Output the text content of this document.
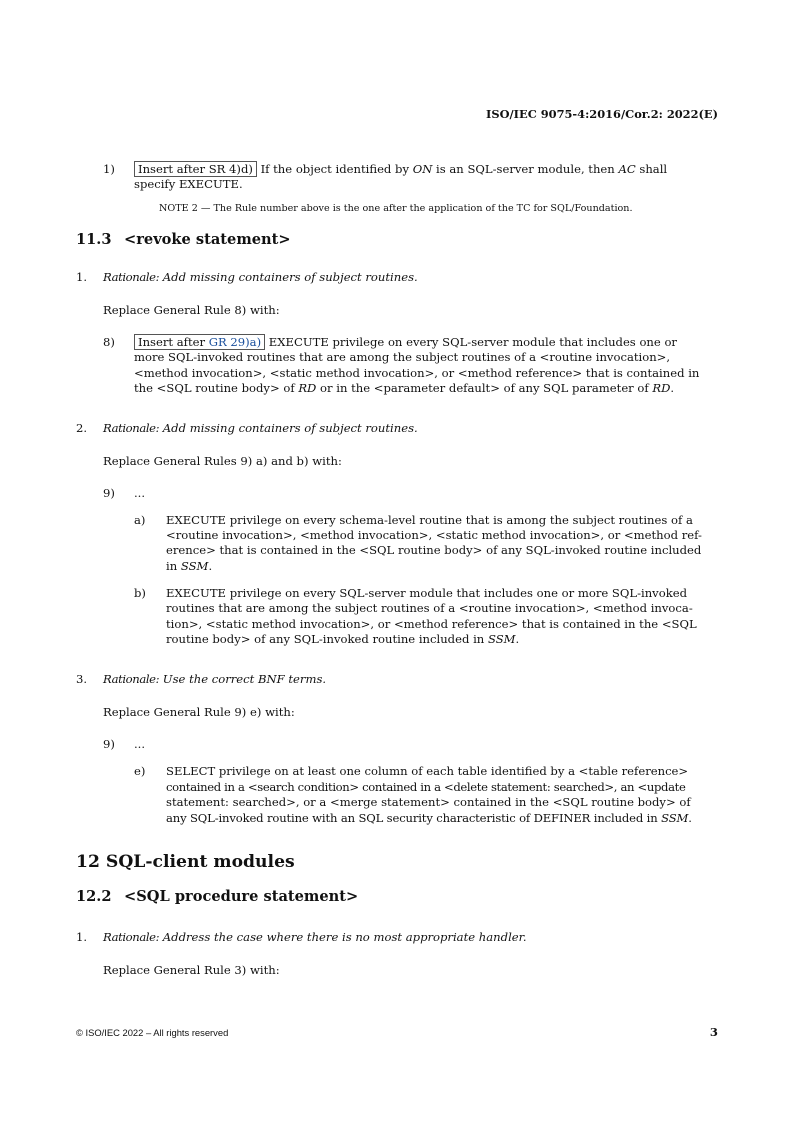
ISO/IEC 9075-4:2016/Cor.2: 2022(E)
1)	Insert after SR 4)d) If the object identified by ON is an SQL-server module, then AC shall
specify EXECUTE.
NOTE 2 — The Rule number above is the one after the application of the TC for SQL/Foundation.
11.3 <revoke statement>
1. Rationale: Add missing containers of subject routines.
Replace General Rule 8) with:
8)	Insert after GR 29)a) EXECUTE privilege on every SQL-server module that includes one or
more SQL-invoked routines that are among the subject routines of a <routine invocation>,
<method invocation>, <static method invocation>, or <method reference> that is contained in
the <SQL routine body> of RD or in the <parameter default> of any SQL parameter of RD.
2. Rationale: Add missing containers of subject routines.
Replace General Rules 9) a) and b) with:
9) ...
a) EXECUTE privilege on every schema-level routine that is among the subject routines of a
<routine invocation>, <method invocation>, <static method invocation>, or <method ref-
erence> that is contained in the <SQL routine body> of any SQL-invoked routine included
in SSM.
b) EXECUTE privilege on every SQL-server module that includes one or more SQL-invoked
routines that are among the subject routines of a <routine invocation>, <method invoca-
tion>, <static method invocation>, or <method reference> that is contained in the <SQL
routine body> of any SQL-invoked routine included in SSM.
3. Rationale: Use the correct BNF terms.
Replace General Rule 9) e) with:
9) ...
e) SELECT privilege on at least one column of each table identified by a <table reference>
contained in a <search condition> contained in a <delete statement: searched>, an <update
statement: searched>, or a <merge statement> contained in the <SQL routine body> of
any SQL-invoked routine with an SQL security characteristic of DEFINER included in SSM.
12 SQL-client modules
12.2 <SQL procedure statement>
1. Rationale: Address the case where there is no most appropriate handler.
Replace General Rule 3) with:
© ISO/IEC 2022 – All rights reserved	3
